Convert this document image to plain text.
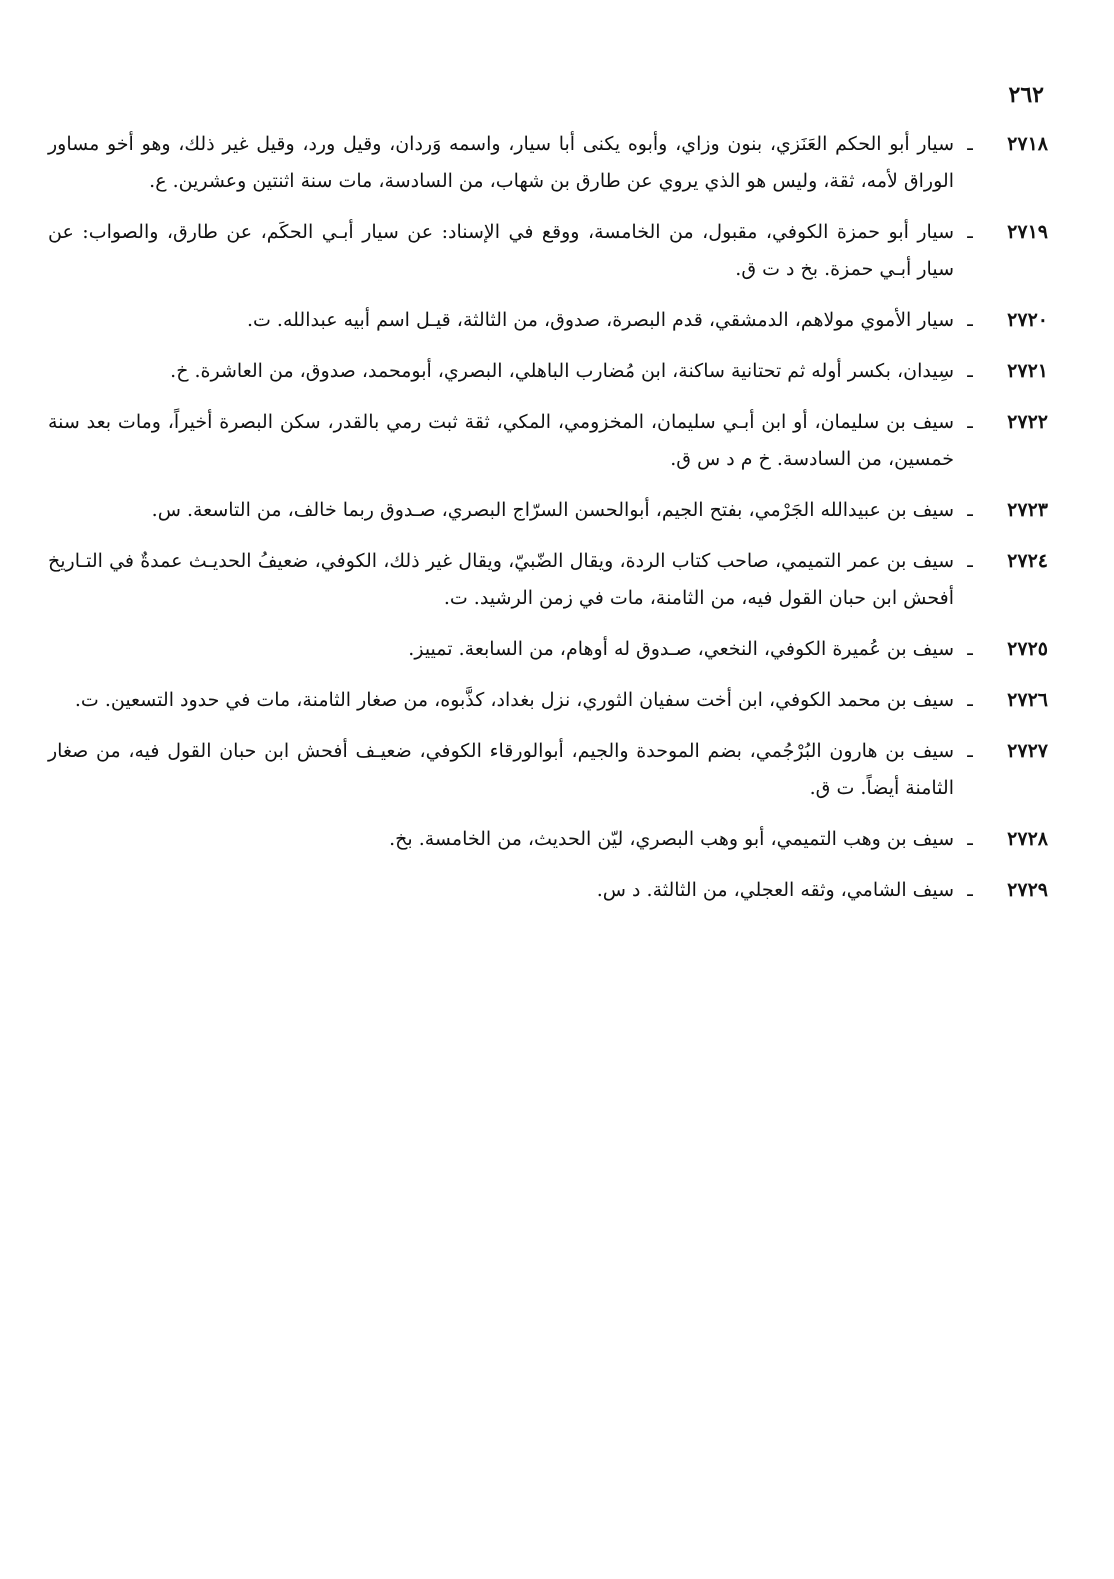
٢٦٢
٢٧١٨
ـ
سيار أبو الحكم العَنَزي، بنون وزاي، وأبوه يكنى أبا سيار، واسمه وَردان، وقيل ورد، وقيل غير ذلك، وهو أخو مساور الوراق لأمه، ثقة، وليس هو الذي يروي عن طارق بن شهاب، من السادسة، مات سنة اثنتين وعشرين. ع.
٢٧١٩
ـ
سيار أبو حمزة الكوفي، مقبول، من الخامسة، ووقع في الإسناد: عن سيار أبـي الحكَم، عن طارق، والصواب: عن سيار أبـي حمزة. بخ د ت ق.
٢٧٢٠
ـ
سيار الأموي مولاهم، الدمشقي، قدم البصرة، صدوق، من الثالثة، قيـل اسم أبيه عبدالله. ت.
٢٧٢١
ـ
سِيدان، بكسر أوله ثم تحتانية ساكنة، ابن مُضارب الباهلي، البصري، أبومحمد، صدوق، من العاشرة. خ.
٢٧٢٢
ـ
سيف بن سليمان، أو ابن أبـي سليمان، المخزومي، المكي، ثقة ثبت رمي بالقدر، سكن البصرة أخيراً، ومات بعد سنة خمسين، من السادسة. خ م د س ق.
٢٧٢٣
ـ
سيف بن عبيدالله الجَرْمي، بفتح الجيم، أبوالحسن السرّاج البصري، صـدوق ربما خالف، من التاسعة. س.
٢٧٢٤
ـ
سيف بن عمر التميمي، صاحب كتاب الردة، ويقال الضّبيّ، ويقال غير ذلك، الكوفي، ضعيفُ الحديـث عمدةٌ في التـاريخ أفحش ابن حبان القول فيه، من الثامنة، مات في زمن الرشيد. ت.
٢٧٢٥
ـ
سيف بن عُميرة الكوفي، النخعي، صـدوق له أوهام، من السابعة. تمييز.
٢٧٢٦
ـ
سيف بن محمد الكوفي، ابن أخت سفيان الثوري، نزل بغداد، كذَّبوه، من صغار الثامنة، مات في حدود التسعين. ت.
٢٧٢٧
ـ
سيف بن هارون البُرْجُمي، بضم الموحدة والجيم، أبوالورقاء الكوفي، ضعيـف أفحش ابن حبان القول فيه، من صغار الثامنة أيضاً. ت ق.
٢٧٢٨
ـ
سيف بن وهب التميمي، أبو وهب البصري، ليّن الحديث، من الخامسة. بخ.
٢٧٢٩
ـ
سيف الشامي، وثقه العجلي، من الثالثة. د س.
